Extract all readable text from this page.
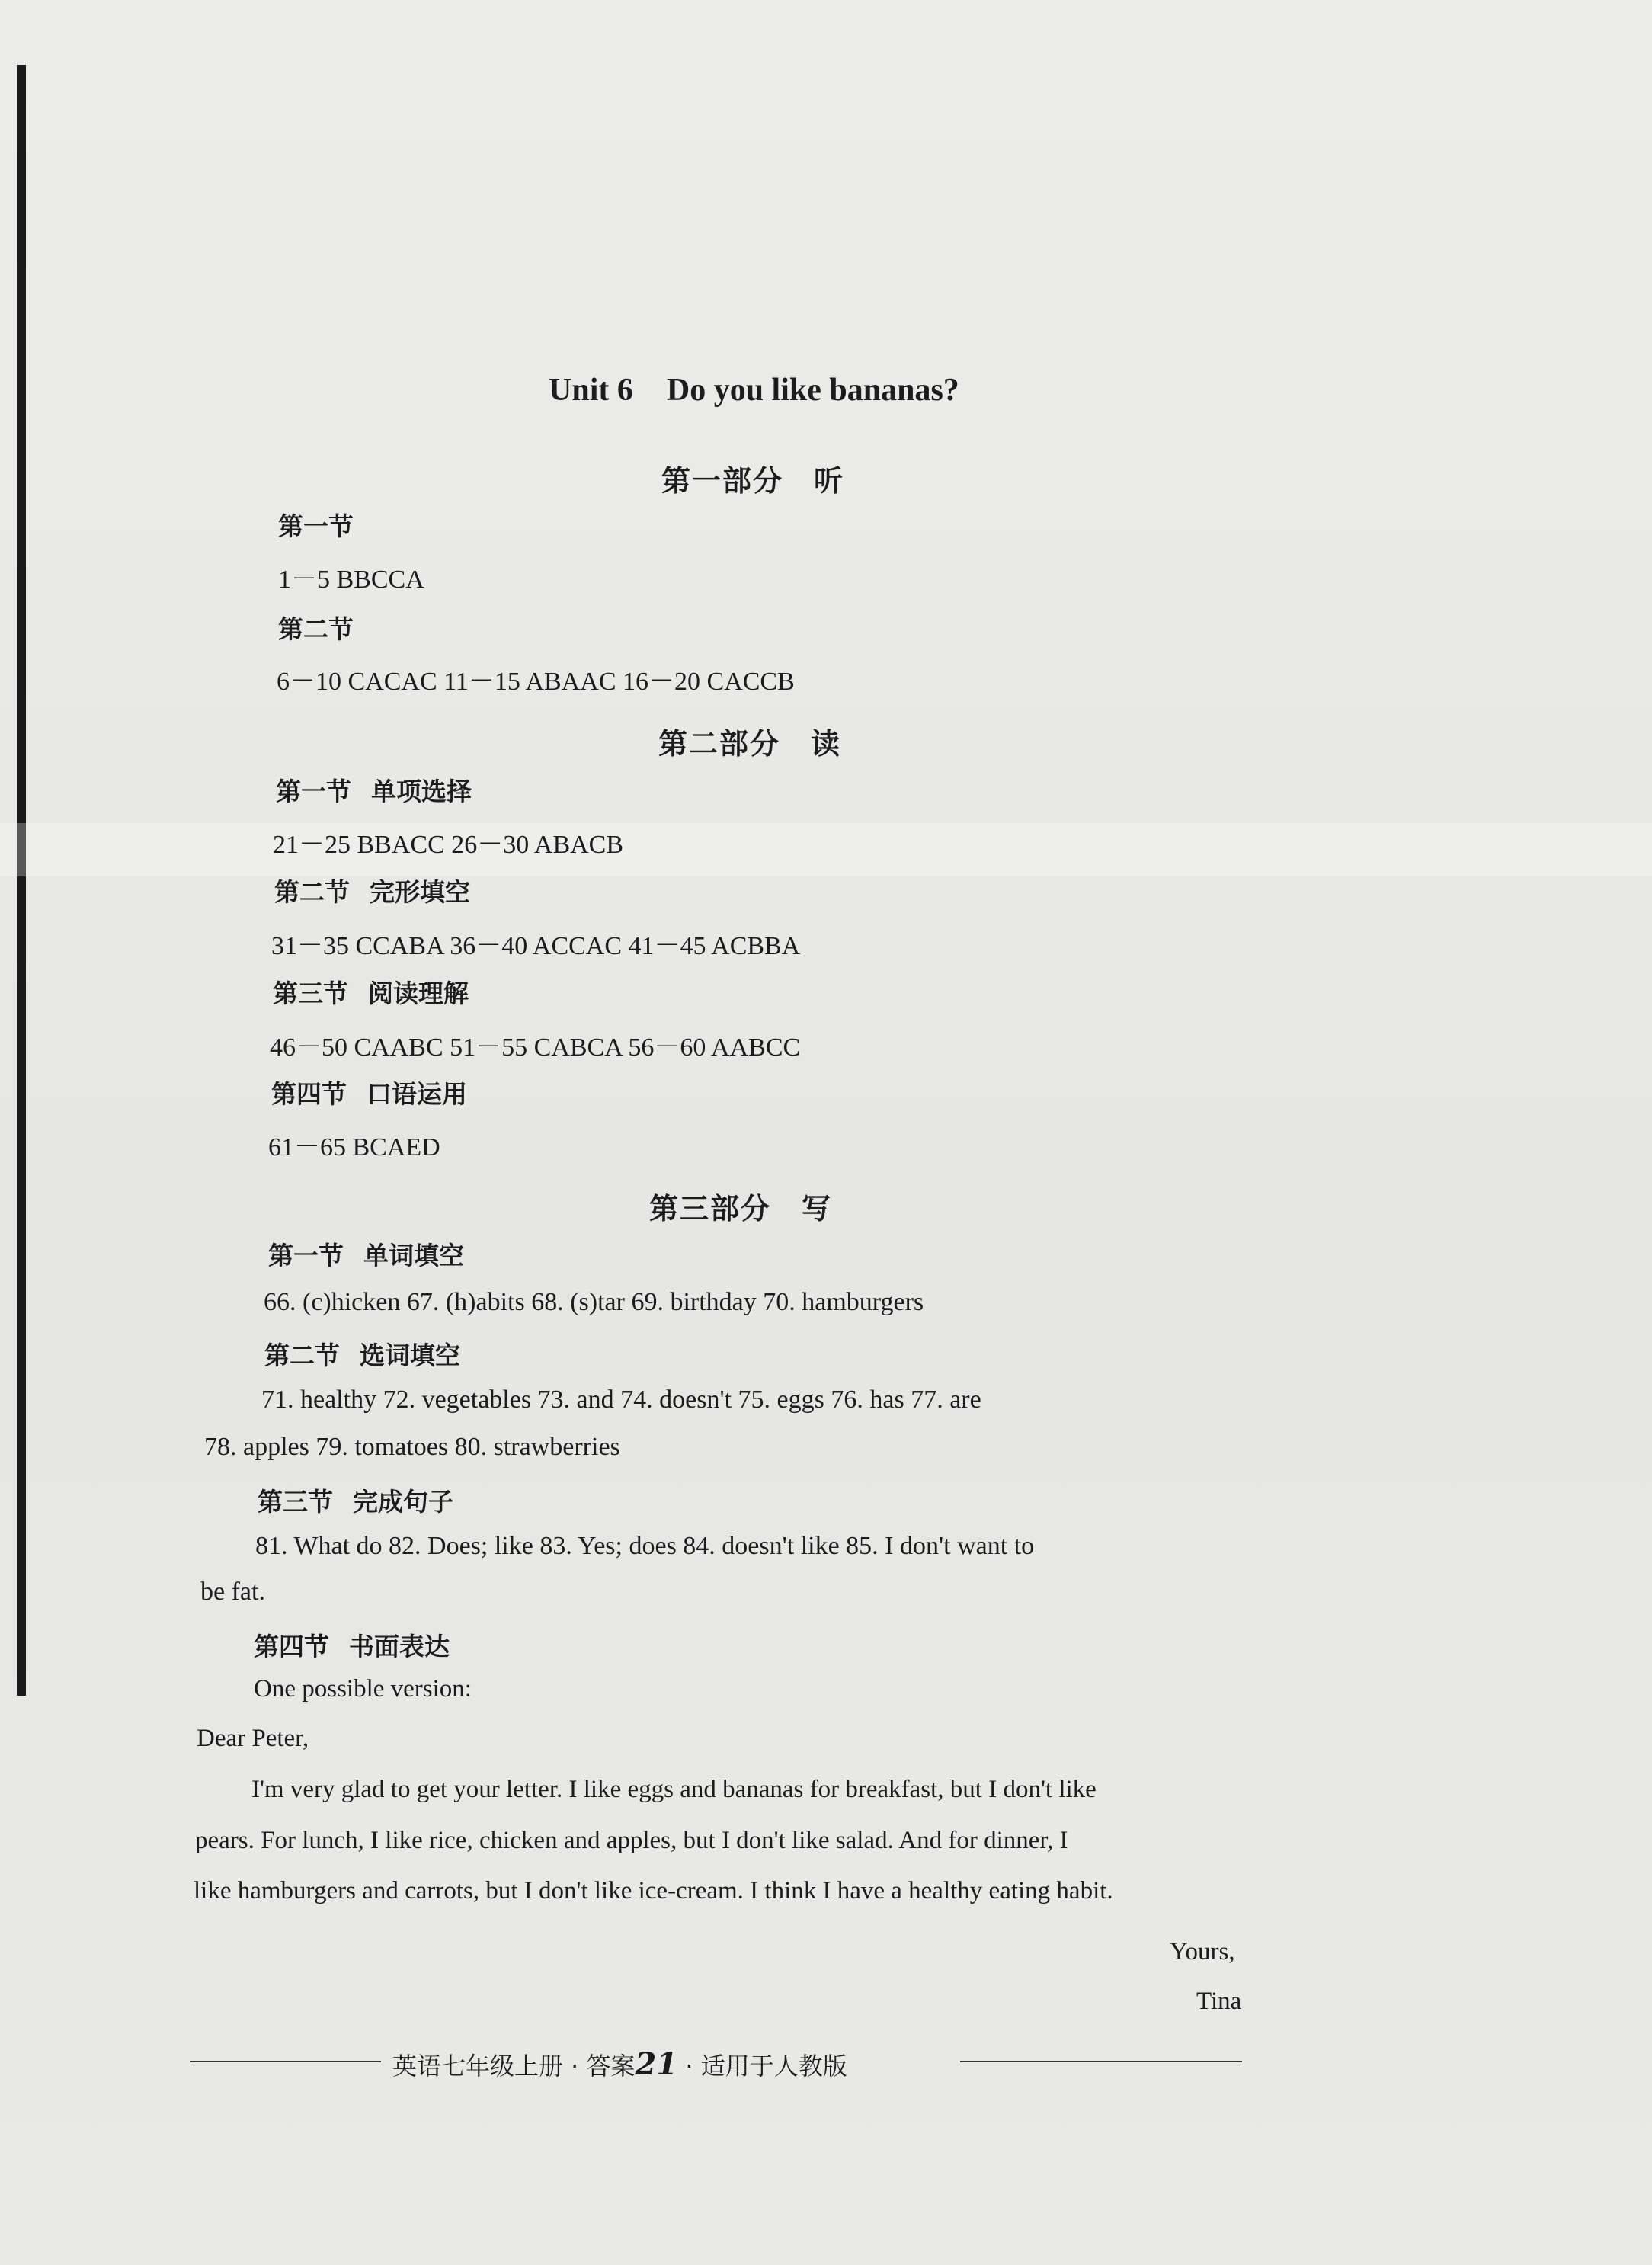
Unit 6 Do you like bananas?
第一部分 听
第一节
1－5 BBCCA
第二节
6－10 CACAC 11－15 ABAAC 16－20 CACCB
第二部分 读
第一节 单项选择
21－25 BBACC 26－30 ABACB
第二节 完形填空
31－35 CCABA 36－40 ACCAC 41－45 ACBBA
第三节 阅读理解
46－50 CAABC 51－55 CABCA 56－60 AABCC
第四节 口语运用
61－65 BCAED
第三部分 写
第一节 单词填空
66. (c)hicken 67. (h)abits 68. (s)tar 69. birthday 70. hamburgers
第二节 选词填空
71. healthy 72. vegetables 73. and 74. doesn't 75. eggs 76. has 77. are
78. apples 79. tomatoes 80. strawberries
第三节 完成句子
81. What do 82. Does; like 83. Yes; does 84. doesn't like 85. I don't want to
be fat.
第四节 书面表达
One possible version:
Dear Peter,
I'm very glad to get your letter. I like eggs and bananas for breakfast, but I don't like
pears. For lunch, I like rice, chicken and apples, but I don't like salad. And for dinner, I
like hamburgers and carrots, but I don't like ice-cream. I think I have a healthy eating habit.
Yours,
Tina
英语七年级上册 · 答案21 · 适用于人教版
